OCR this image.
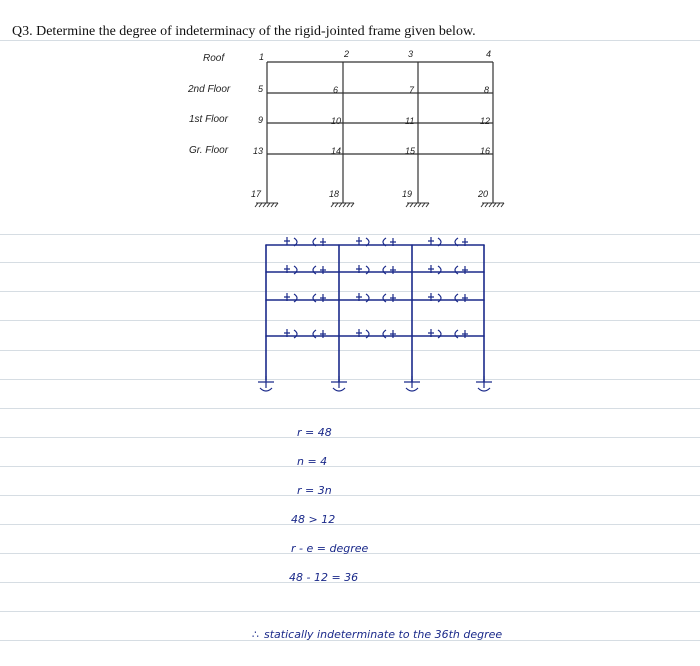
Q3. Determine the degree of indeterminacy of the rigid-jointed frame given below.
Roof
2nd Floor
1st Floor
Gr. Floor
1	2	3	4
5	6	7	8
9	10	11	12
13	14	15	16
17	18	19	20
r = 48
n = 4
r = 3n
48 > 12
r - e = degree
48 - 12 = 36
∴ statically indeterminate to the 36th degree
